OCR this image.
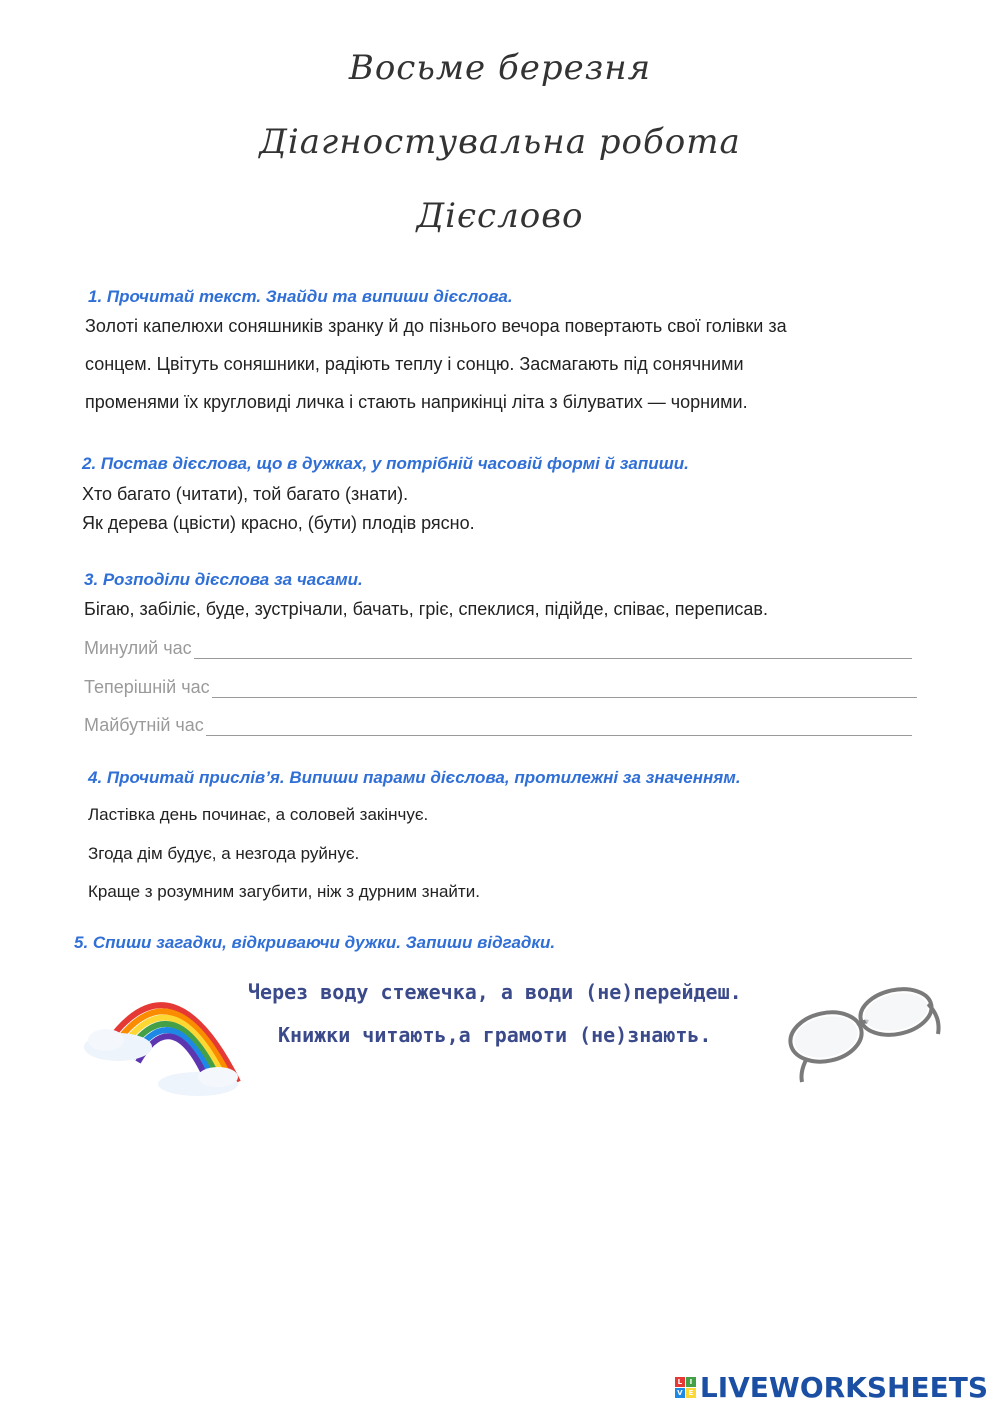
Восьме березня
Діагностувальна робота
Дієслово
1. Прочитай текст. Знайди та випиши дієслова.
Золоті капелюхи соняшників зранку й до пізнього вечора повертають свої голівки за
сонцем. Цвітуть соняшники, радіють теплу і сонцю. Засмагають під сонячними
променями їх кругловиді личка і стають наприкінці літа з білуватих — чорними.
2. Постав дієслова, що в дужках, у потрібній часовій формі й запиши.
Хто багато (читати), той багато (знати).
Як дерева (цвісти) красно, (бути) плодів рясно.
3. Розподіли дієслова за часами.
Бігаю, забіліє, буде, зустрічали, бачать, гріє, спеклися, підійде, співає, переписав.
Минулий час
Теперішній час
Майбутній час
4. Прочитай прислів’я. Випиши парами дієслова, протилежні за значенням.
Ластівка день починає, а соловей закінчує.
Згода дім будує, а незгода руйнує.
Краще з розумним загубити, ніж з дурним знайти.
5. Спиши загадки, відкриваючи дужки. Запиши відгадки.
Через воду стежечка, а води (не)перейдеш.
Книжки читають,а грамоти (не)знають.
L	I
V E LIVEWORKSHEETS
